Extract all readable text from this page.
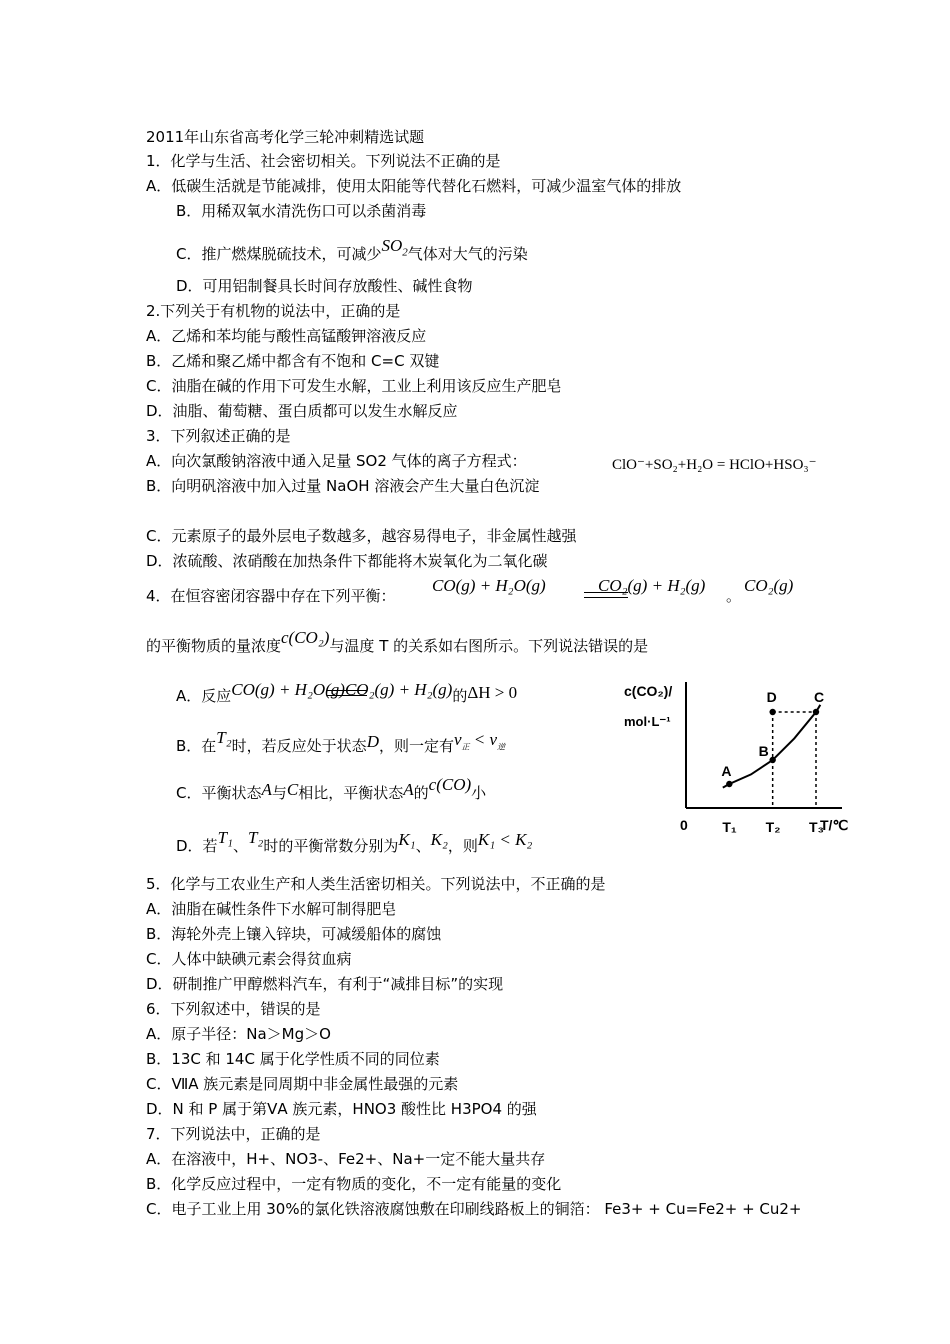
2011年山东省高考化学三轮冲刺精选试题
1．化学与生活、社会密切相关。下列说法不正确的是
A．低碳生活就是节能减排，使用太阳能等代替化石燃料，可减少温室气体的排放
B．用稀双氧水清洗伤口可以杀菌消毒
C．推广燃煤脱硫技术，可减少$SO_2$气体对大气的污染
D．可用铝制餐具长时间存放酸性、碱性食物
2.下列关于有机物的说法中，正确的是
A．乙烯和苯均能与酸性高锰酸钾溶液反应
B．乙烯和聚乙烯中都含有不饱和 C=C 双键
C．油脂在碱的作用下可发生水解，工业上利用该反应生产肥皂
D．油脂、葡萄糖、蛋白质都可以发生水解反应
3．下列叙述正确的是
A．向次氯酸钠溶液中通入足量 SO2 气体的离子方程式：	ClO⁻+SO₂+H₂O = HClO+HSO₃⁻
B．向明矾溶液中加入过量 NaOH 溶液会产生大量白色沉淀
C．元素原子的最外层电子数越多，越容易得电子，非金属性越强
D．浓硫酸、浓硝酸在加热条件下都能将木炭氧化为二氧化碳
4．在恒容密闭容器中存在下列平衡：
CO(g) + H₂O(g)	CO₂(g) + H₂(g)
。
CO₂(g)
的平衡物质的量浓度c(CO₂)与温度 T 的关系如右图所示。下列说法错误的是
A．反应CO(g) + H₂O(g)CO₂(g) + H₂(g)的ΔH > 0
B．在T₂时，若反应处于状态D，则一定有$v_正 < v_逆$
C．平衡状态A与C相比，平衡状态A的c(CO)小
D．若T₁、T₂时的平衡常数分别为K₁、K₂，则K₁ < K₂
c(CO₂)/
mol·L⁻¹
0	T/℃
A
B
C
D
T₁ T₂ T₃
5．化学与工农业生产和人类生活密切相关。下列说法中，不正确的是
A．油脂在碱性条件下水解可制得肥皂
B．海轮外壳上镶入锌块，可减缓船体的腐蚀
C．人体中缺碘元素会得贫血病
D．研制推广甲醇燃料汽车，有利于“减排目标”的实现
6．下列叙述中，错误的是
A．原子半径：Na＞Mg＞O
B．13C 和 14C 属于化学性质不同的同位素
C．ⅦA 族元素是同周期中非金属性最强的元素
D．N 和 P 属于第ⅤA 族元素，HNO3 酸性比 H3PO4 的强
7．下列说法中，正确的是
A．在溶液中，H+、NO3-、Fe2+、Na+一定不能大量共存
B．化学反应过程中，一定有物质的变化，不一定有能量的变化
C．电子工业上用 30%的氯化铁溶液腐蚀敷在印刷线路板上的铜箔： Fe3+ + Cu=Fe2+ + Cu2+
